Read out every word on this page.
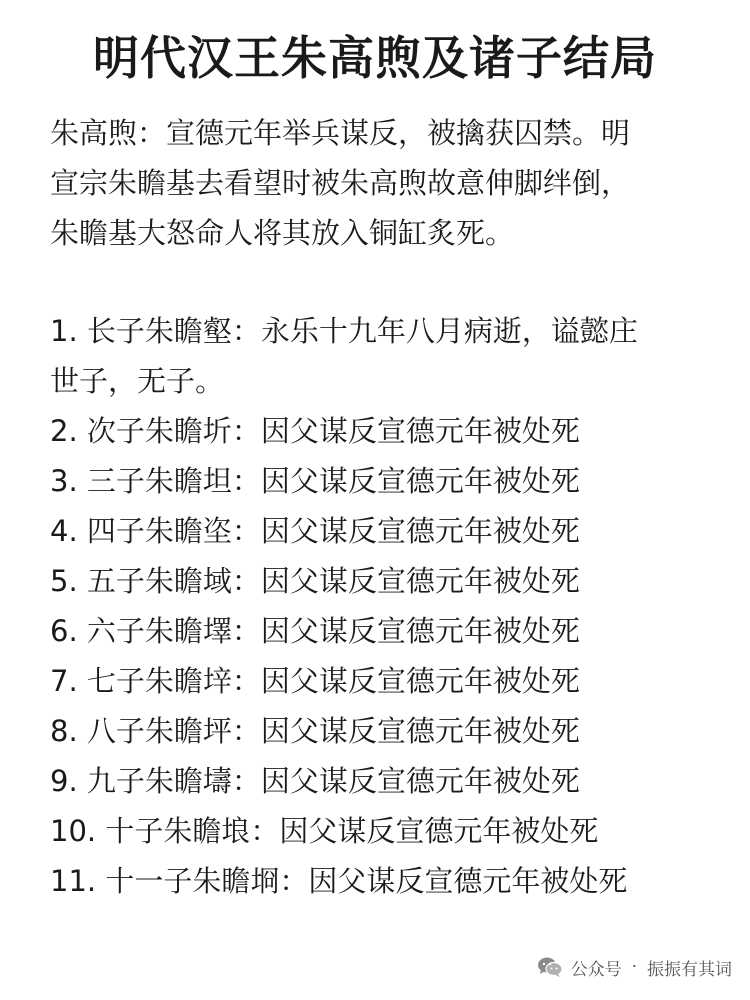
明代汉王朱高煦及诸子结局
朱高煦：宣德元年举兵谋反，被擒获囚禁。明
宣宗朱瞻基去看望时被朱高煦故意伸脚绊倒，
朱瞻基大怒命人将其放入铜缸炙死。
1. 长子朱瞻壑：永乐十九年八月病逝，谥懿庄
世子，无子。
2. 次子朱瞻圻：因父谋反宣德元年被处死
3. 三子朱瞻坦：因父谋反宣德元年被处死
4. 四子朱瞻垐：因父谋反宣德元年被处死
5. 五子朱瞻域：因父谋反宣德元年被处死
6. 六子朱瞻墿：因父谋反宣德元年被处死
7. 七子朱瞻垶：因父谋反宣德元年被处死
8. 八子朱瞻坪：因父谋反宣德元年被处死
9. 九子朱瞻壔：因父谋反宣德元年被处死
10. 十子朱瞻埌：因父谋反宣德元年被处死
11. 十一子朱瞻埛：因父谋反宣德元年被处死
公众号 · 振振有其词
